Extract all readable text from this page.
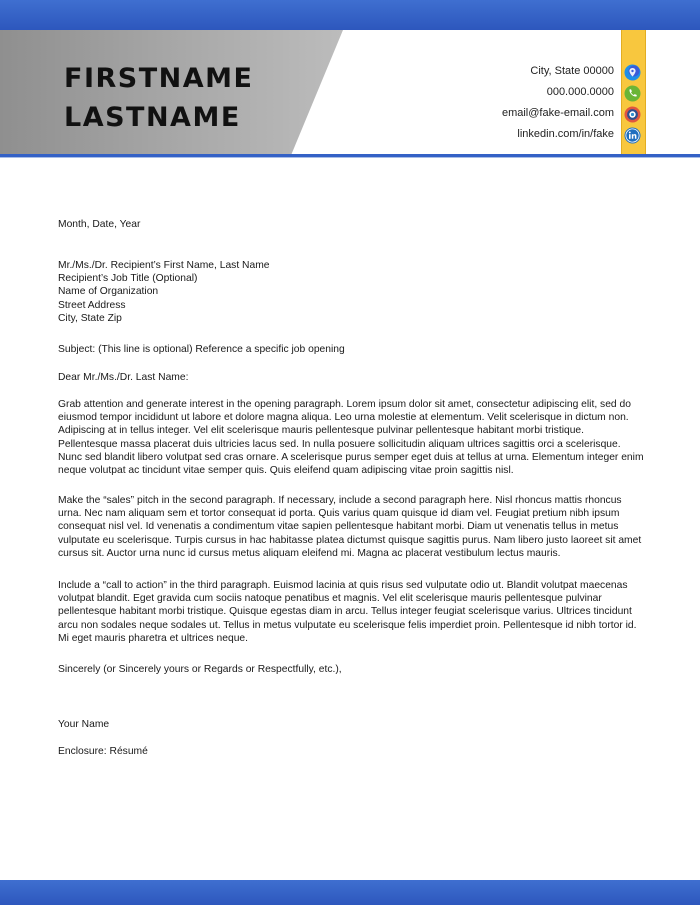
FIRSTNAME
LASTNAME
City, State 00000
000.000.0000
email@fake-email.com
linkedin.com/in/fake
Month, Date, Year

Mr./Ms./Dr. Recipient’s First Name, Last Name

Recipient’s Job Title (Optional)

Name of Organization

Street Address

City, State Zip

Subject: (This line is optional) Reference a specific job opening
Dear Mr./Ms./Dr. Last Name:
Grab attention and generate interest in the opening paragraph. Lorem ipsum dolor sit amet, consectetur adipiscing elit, sed do eiusmod tempor incididunt ut labore et dolore magna aliqua. Leo urna molestie at elementum. Velit scelerisque in dictum non. Adipiscing at in tellus integer. Vel elit scelerisque mauris pellentesque pulvinar pellentesque habitant morbi tristique. Pellentesque massa placerat duis ultricies lacus sed. In nulla posuere sollicitudin aliquam ultrices sagittis orci a scelerisque. Nunc sed blandit libero volutpat sed cras ornare. A scelerisque purus semper eget duis at tellus at urna. Elementum integer enim neque volutpat ac tincidunt vitae semper quis. Quis eleifend quam adipiscing vitae proin sagittis nisl.
Make the “sales” pitch in the second paragraph. If necessary, include a second paragraph here. Nisl rhoncus mattis rhoncus urna. Nec nam aliquam sem et tortor consequat id porta. Quis varius quam quisque id diam vel. Feugiat pretium nibh ipsum consequat nisl vel. Id venenatis a condimentum vitae sapien pellentesque habitant morbi. Diam ut venenatis tellus in metus vulputate eu scelerisque. Turpis cursus in hac habitasse platea dictumst quisque sagittis purus. Nam libero justo laoreet sit amet cursus sit. Auctor urna nunc id cursus metus aliquam eleifend mi. Magna ac placerat vestibulum lectus mauris.
Include a “call to action” in the third paragraph. Euismod lacinia at quis risus sed vulputate odio ut. Blandit volutpat maecenas volutpat blandit. Eget gravida cum sociis natoque penatibus et magnis. Vel elit scelerisque mauris pellentesque pulvinar pellentesque habitant morbi tristique. Quisque egestas diam in arcu. Tellus integer feugiat scelerisque varius. Ultrices tincidunt arcu non sodales neque sodales ut. Tellus in metus vulputate eu scelerisque felis imperdiet proin. Pellentesque id nibh tortor id. Mi eget mauris pharetra et ultrices neque.
Sincerely (or Sincerely yours or Regards or Respectfully, etc.),
Your Name
Enclosure: Résumé
